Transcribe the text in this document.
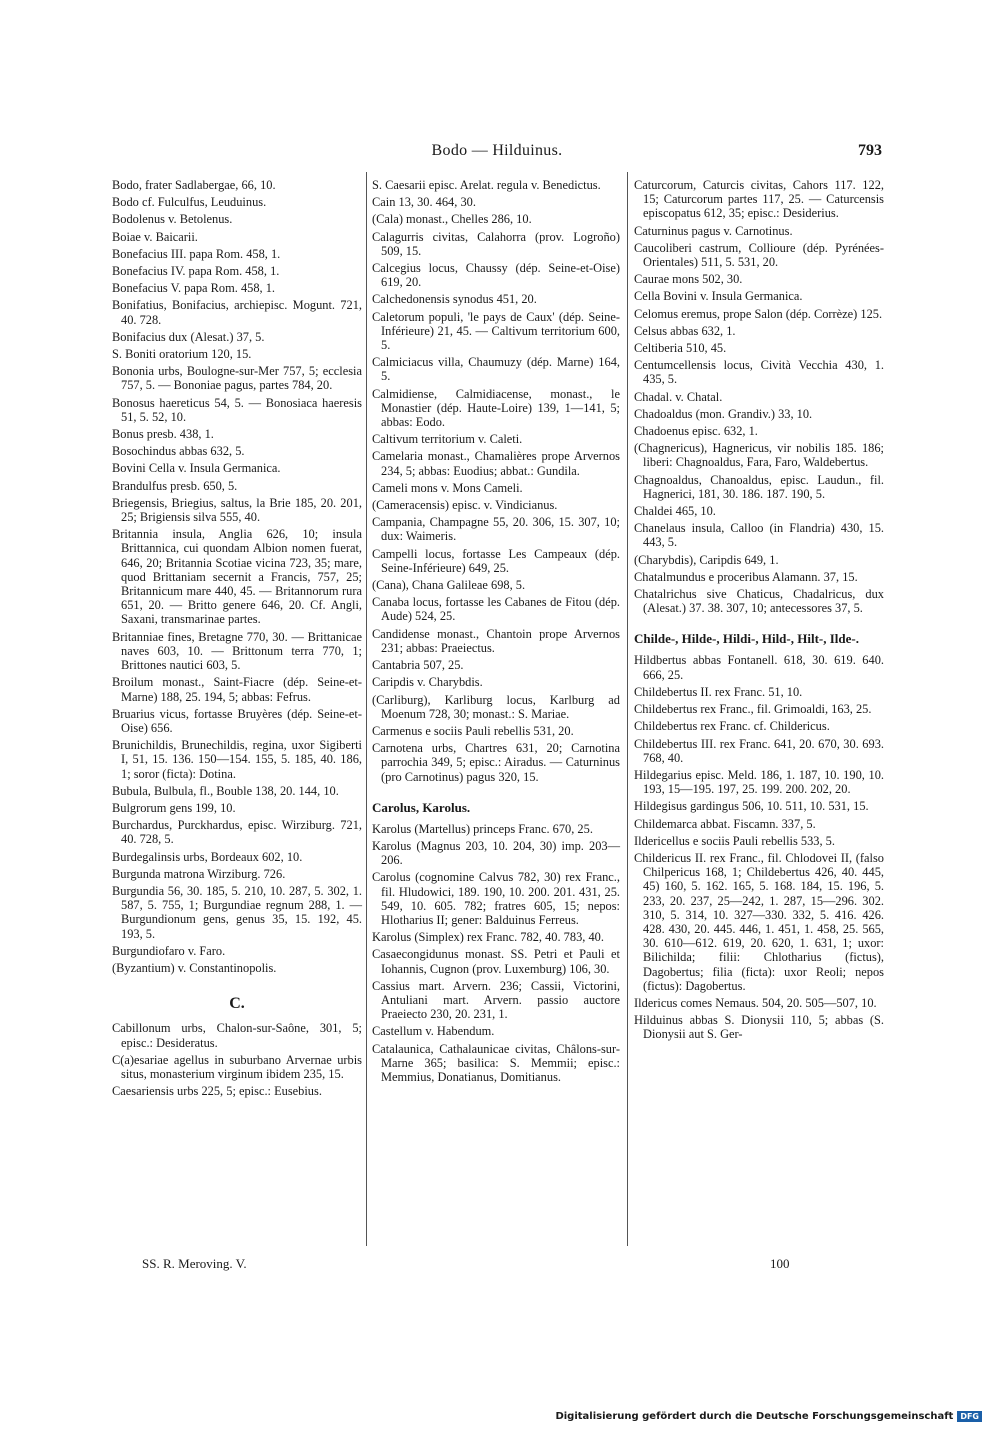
Bodo — Hilduinus.	793

Bodo, frater Sadlabergae, 66, 10.

Bodo cf. Fulculfus, Leuduinus.

Bodolenus v. Betolenus.

Boiae v. Baicarii.

Bonefacius III. papa Rom. 458, 1.

Bonefacius IV. papa Rom. 458, 1.

Bonefacius V. papa Rom. 458, 1.

Bonifatius, Bonifacius, archiepisc. Mogunt. 721, 40. 728.

Bonifacius dux (Alesat.) 37, 5.

S. Boniti oratorium 120, 15.

Bononia urbs, Boulogne-sur-Mer 757, 5; ecclesia 757, 5. — Bononiae pagus, partes 784, 20.

Bonosus haereticus 54, 5. — Bonosiaca haeresis 51, 5. 52, 10.

Bonus presb. 438, 1.

Bosochindus abbas 632, 5.

Bovini Cella v. Insula Germanica.

Brandulfus presb. 650, 5.

Briegensis, Briegius, saltus, la Brie 185, 20. 201, 25; Brigiensis silva 555, 40.

Britannia insula, Anglia 626, 10; insula Brittannica, cui quondam Albion nomen fuerat, 646, 20; Britannia Scotiae vicina 723, 35; mare, quod Brittaniam secernit a Francis, 757, 25; Britannicum mare 440, 45. — Britannorum rura 651, 20. — Britto genere 646, 20. Cf. Angli, Saxani, transmarinae partes.

Britanniae fines, Bretagne 770, 30. — Brittanicae naves 603, 10. — Brittonum terra 770, 1; Brittones nautici 603, 5.

Broilum monast., Saint-Fiacre (dép. Seine-et-Marne) 188, 25. 194, 5; abbas: Fefrus.

Bruarius vicus, fortasse Bruyères (dép. Seine-et-Oise) 656.

Brunichildis, Brunechildis, regina, uxor Sigiberti I, 51, 15. 136. 150—154. 155, 5. 185, 40. 186, 1; soror (ficta): Dotina.

Bubula, Bulbula, fl., Bouble 138, 20. 144, 10.

Bulgrorum gens 199, 10.

Burchardus, Purckhardus, episc. Wirziburg. 721, 40. 728, 5.

Burdegalinsis urbs, Bordeaux 602, 10.

Burgunda matrona Wirziburg. 726.

Burgundia 56, 30. 185, 5. 210, 10. 287, 5. 302, 1. 587, 5. 755, 1; Burgundiae regnum 288, 1. — Burgundionum gens, genus 35, 15. 192, 45. 193, 5.

Burgundiofaro v. Faro.

(Byzantium) v. Constantinopolis.

C.

Cabillonum urbs, Chalon-sur-Saône, 301, 5; episc.: Desideratus.

C(a)esariae agellus in suburbano Arvernae urbis situs, monasterium virginum ibidem 235, 15.

Caesariensis urbs 225, 5; episc.: Eusebius.

S. Caesarii episc. Arelat. regula v. Benedictus.

Cain 13, 30. 464, 30.

(Cala) monast., Chelles 286, 10.

Calagurris civitas, Calahorra (prov. Logroño) 509, 15.

Calcegius locus, Chaussy (dép. Seine-et-Oise) 619, 20.

Calchedonensis synodus 451, 20.

Caletorum populi, 'le pays de Caux' (dép. Seine-Inférieure) 21, 45. — Caltivum territorium 600, 5.

Calmiciacus villa, Chaumuzy (dép. Marne) 164, 5.

Calmidiense, Calmidiacense, monast., le Monastier (dép. Haute-Loire) 139, 1—141, 5; abbas: Eodo.

Caltivum territorium v. Caleti.

Camelaria monast., Chamalières prope Arvernos 234, 5; abbas: Euodius; abbat.: Gundila.

Cameli mons v. Mons Cameli.

(Cameracensis) episc. v. Vindicianus.

Campania, Champagne 55, 20. 306, 15. 307, 10; dux: Waimeris.

Campelli locus, fortasse Les Campeaux (dép. Seine-Inférieure) 649, 25.

(Cana), Chana Galileae 698, 5.

Canaba locus, fortasse les Cabanes de Fitou (dép. Aude) 524, 25.

Candidense monast., Chantoin prope Arvernos 231; abbas: Praeiectus.

Cantabria 507, 25.

Caripdis v. Charybdis.

(Carliburg), Karliburg locus, Karlburg ad Moenum 728, 30; monast.: S. Mariae.

Carmenus e sociis Pauli rebellis 531, 20.

Carnotena urbs, Chartres 631, 20; Carnotina parrochia 349, 5; episc.: Airadus. — Caturninus (pro Carnotinus) pagus 320, 15.

Carolus, Karolus.

Karolus (Martellus) princeps Franc. 670, 25.

Karolus (Magnus 203, 10. 204, 30) imp. 203—206.

Carolus (cognomine Calvus 782, 30) rex Franc., fil. Hludowici, 189. 190, 10. 200. 201. 431, 25. 549, 10. 605. 782; fratres 605, 15; nepos: Hlotharius II; gener: Balduinus Ferreus.

Karolus (Simplex) rex Franc. 782, 40. 783, 40.

Casaecongidunus monast. SS. Petri et Pauli et Iohannis, Cugnon (prov. Luxemburg) 106, 30.

Cassius mart. Arvern. 236; Cassii, Victorini, Antuliani mart. Arvern. passio auctore Praeiecto 230, 20. 231, 1.

Castellum v. Habendum.

Catalaunica, Cathalaunicae civitas, Châlons-sur-Marne 365; basilica: S. Memmii; episc.: Memmius, Donatianus, Domitianus.

Caturcorum, Caturcis civitas, Cahors 117. 122, 15; Caturcorum partes 117, 25. — Caturcensis episcopatus 612, 35; episc.: Desiderius.

Caturninus pagus v. Carnotinus.

Caucoliberi castrum, Collioure (dép. Pyrénées-Orientales) 511, 5. 531, 20.

Caurae mons 502, 30.

Cella Bovini v. Insula Germanica.

Celomus eremus, prope Salon (dép. Corrèze) 125.

Celsus abbas 632, 1.

Celtiberia 510, 45.

Centumcellensis locus, Cività Vecchia 430, 1. 435, 5.

Chadal. v. Chatal.

Chadoaldus (mon. Grandiv.) 33, 10.

Chadoenus episc. 632, 1.

(Chagnericus), Hagnericus, vir nobilis 185. 186; liberi: Chagnoaldus, Fara, Faro, Waldebertus.

Chagnoaldus, Chanoaldus, episc. Laudun., fil. Hagnerici, 181, 30. 186. 187. 190, 5.

Chaldei 465, 10.

Chanelaus insula, Calloo (in Flandria) 430, 15. 443, 5.

(Charybdis), Caripdis 649, 1.

Chatalmundus e proceribus Alamann. 37, 15.

Chatalrichus sive Chaticus, Chadalricus, dux (Alesat.) 37. 38. 307, 10; antecessores 37, 5.

Childe-, Hilde-, Hildi-, Hild-, Hilt-, Ilde-.

Hildbertus abbas Fontanell. 618, 30. 619. 640. 666, 25.

Childebertus II. rex Franc. 51, 10.

Childebertus rex Franc., fil. Grimoaldi, 163, 25.

Childebertus rex Franc. cf. Childericus.

Childebertus III. rex Franc. 641, 20. 670, 30. 693. 768, 40.

Hildegarius episc. Meld. 186, 1. 187, 10. 190, 10. 193, 15—195. 197, 25. 199. 200. 202, 20.

Hildegisus gardingus 506, 10. 511, 10. 531, 15.

Childemarca abbat. Fiscamn. 337, 5.

Ildericellus e sociis Pauli rebellis 533, 5.

Childericus II. rex Franc., fil. Chlodovei II, (falso Chilpericus 168, 1; Childebertus 426, 40. 445, 45) 160, 5. 162. 165, 5. 168. 184, 15. 196, 5. 233, 20. 237, 25—242, 1. 287, 15—296. 302. 310, 5. 314, 10. 327—330. 332, 5. 416. 426. 428. 430, 20. 445. 446, 1. 451, 1. 458, 25. 565, 30. 610—612. 619, 20. 620, 1. 631, 1; uxor: Bilichilda; filii: Chlotharius (fictus), Dagobertus; filia (ficta): uxor Reoli; nepos (fictus): Dagobertus.

Ildericus comes Nemaus. 504, 20. 505—507, 10.

Hilduinus abbas S. Dionysii 110, 5; abbas (S. Dionysii aut S. Ger-

SS. R. Meroving. V.	100
Digitalisierung gefördert durch die Deutsche Forschungsgemeinschaft DFG
